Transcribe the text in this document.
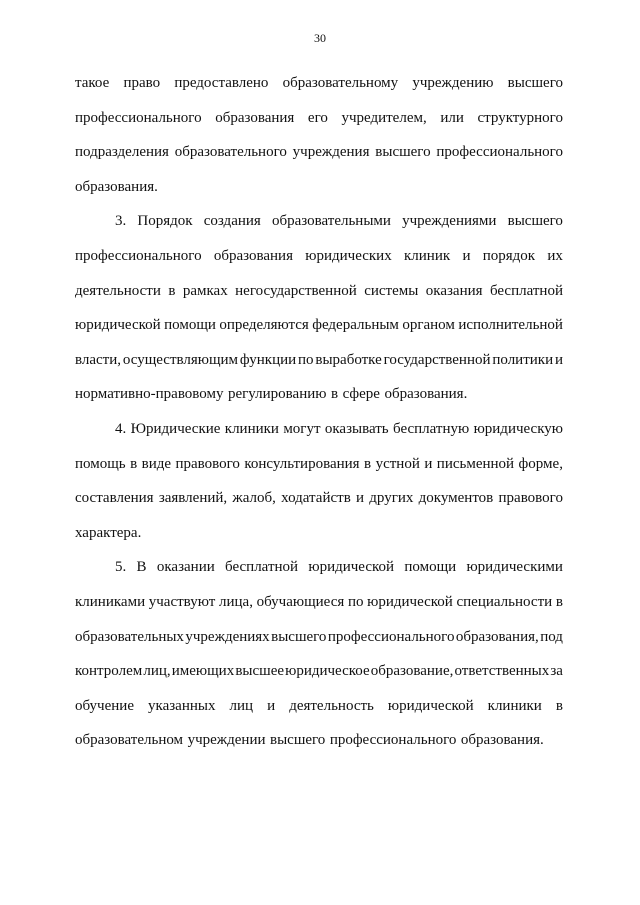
30
такое право предоставлено образовательному учреждению высшего
профессионального образования его учредителем, или структурного
подразделения образовательного учреждения высшего профессионального
образования.
3. Порядок создания образовательными учреждениями высшего
профессионального образования юридических клиник и порядок их
деятельности в рамках негосударственной системы оказания бесплатной
юридической помощи определяются федеральным органом исполнительной
власти, осуществляющим функции по выработке государственной политики и
нормативно-правовому регулированию в сфере образования.
4. Юридические клиники могут оказывать бесплатную юридическую
помощь в виде правового консультирования в устной и письменной форме,
составления заявлений, жалоб, ходатайств и других документов правового
характера.
5. В оказании бесплатной юридической помощи юридическими
клиниками участвуют лица, обучающиеся по юридической специальности в
образовательных учреждениях высшего профессионального образования, под
контролем лиц, имеющих высшее юридическое образование, ответственных за
обучение указанных лиц и деятельность юридической клиники в
образовательном учреждении высшего профессионального образования.
